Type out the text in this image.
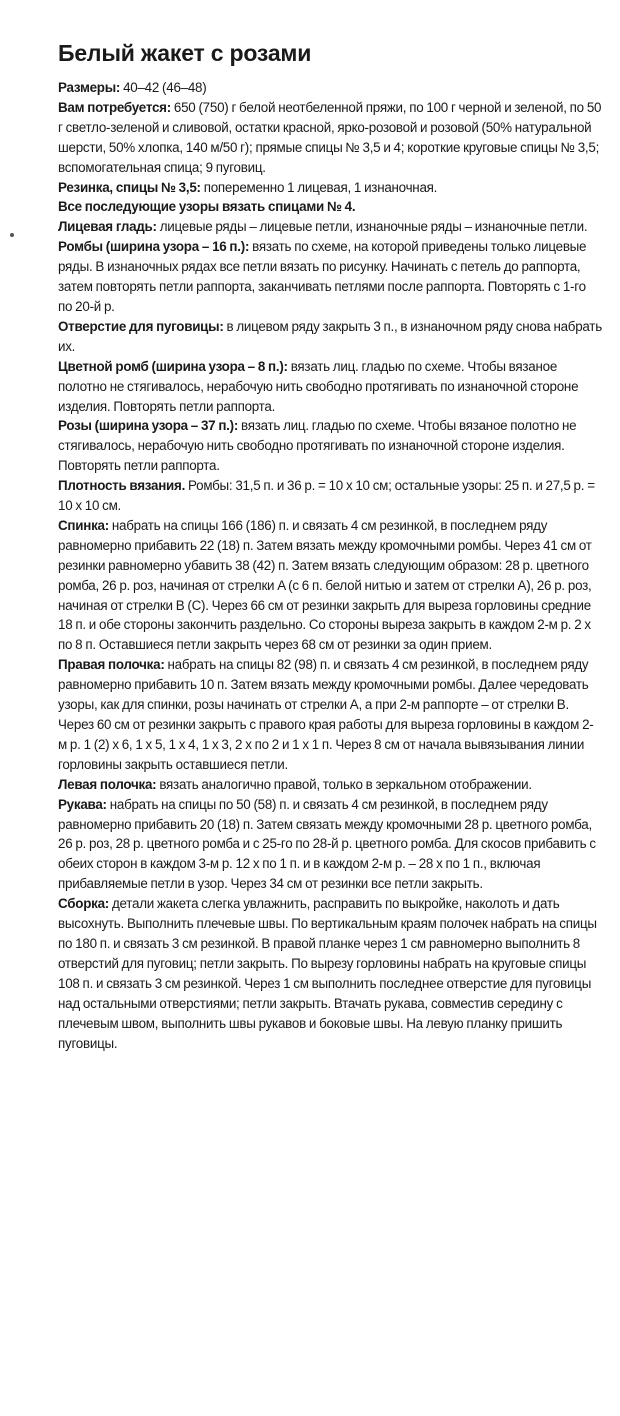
Белый жакет с розами

Размеры: 40–42 (46–48)

Вам потребуется: 650 (750) г белой неотбеленной пряжи, по 100 г черной и зеленой, по 50 г светло-зеленой и сливовой, остатки красной, ярко-розовой и розовой (50% натуральной шерсти, 50% хлопка, 140 м/50 г); прямые спицы № 3,5 и 4; короткие круговые спицы № 3,5; вспомогательная спица; 9 пуговиц.

Резинка, спицы № 3,5: попеременно 1 лицевая, 1 изнаночная.

Все последующие узоры вязать спицами № 4.

Лицевая гладь: лицевые ряды – лицевые петли, изнаночные ряды – изнаночные петли.

Ромбы (ширина узора – 16 п.): вязать по схеме, на которой приведены только лицевые ряды. В изнаночных рядах все петли вязать по рисунку. Начинать с петель до раппорта, затем повторять петли раппорта, заканчивать петлями после раппорта. Повторять с 1-го по 20-й р.

Отверстие для пуговицы: в лицевом ряду закрыть 3 п., в изнаночном ряду снова набрать их.

Цветной ромб (ширина узора – 8 п.): вязать лиц. гладью по схеме. Чтобы вязаное полотно не стягивалось, нерабочую нить свободно протягивать по изнаночной стороне изделия. Повторять петли раппорта.

Розы (ширина узора – 37 п.): вязать лиц. гладью по схеме. Чтобы вязаное полотно не стягивалось, нерабочую нить свободно протягивать по изнаночной стороне изделия. Повторять петли раппорта.

Плотность вязания. Ромбы: 31,5 п. и 36 р. = 10 х 10 см; остальные узоры: 25 п. и 27,5 р. = 10 х 10 см.

Спинка: набрать на спицы 166 (186) п. и связать 4 см резинкой, в последнем ряду равномерно прибавить 22 (18) п. Затем вязать между кромочными ромбы. Через 41 см от резинки равномерно убавить 38 (42) п. Затем вязать следующим образом: 28 р. цветного ромба, 26 р. роз, начиная от стрелки A (с 6 п. белой нитью и затем от стрелки A), 26 р. роз, начиная от стрелки B (C). Через 66 см от резинки закрыть для выреза горловины средние 18 п. и обе стороны закончить раздельно. Со стороны выреза закрыть в каждом 2-м р. 2 х по 8 п. Оставшиеся петли закрыть через 68 см от резинки за один прием.

Правая полочка: набрать на спицы 82 (98) п. и связать 4 см резинкой, в последнем ряду равномерно прибавить 10 п. Затем вязать между кромочными ромбы. Далее чередовать узоры, как для спинки, розы начинать от стрелки A, а при 2-м раппорте – от стрелки B. Через 60 см от резинки закрыть с правого края работы для выреза горловины в каждом 2-м р. 1 (2) х 6, 1 х 5, 1 х 4, 1 х 3, 2 х по 2 и 1 х 1 п. Через 8 см от начала вывязывания линии горловины закрыть оставшиеся петли.

Левая полочка: вязать аналогично правой, только в зеркальном отображении.

Рукава: набрать на спицы по 50 (58) п. и связать 4 см резинкой, в последнем ряду равномерно прибавить 20 (18) п. Затем связать между кромочными 28 р. цветного ромба, 26 р. роз, 28 р. цветного ромба и с 25-го по 28-й р. цветного ромба. Для скосов прибавить с обеих сторон в каждом 3-м р. 12 х по 1 п. и в каждом 2-м р. – 28 х по 1 п., включая прибавляемые петли в узор. Через 34 см от резинки все петли закрыть.

Сборка: детали жакета слегка увлажнить, расправить по выкройке, наколоть и дать высохнуть. Выполнить плечевые швы. По вертикальным краям полочек набрать на спицы по 180 п. и связать 3 см резинкой. В правой планке через 1 см равномерно выполнить 8 отверстий для пуговиц; петли закрыть. По вырезу горловины набрать на круговые спицы 108 п. и связать 3 см резинкой. Через 1 см выполнить последнее отверстие для пуговицы над остальными отверстиями; петли закрыть. Втачать рукава, совместив середину с плечевым швом, выполнить швы рукавов и боковые швы. На левую планку пришить пуговицы.
